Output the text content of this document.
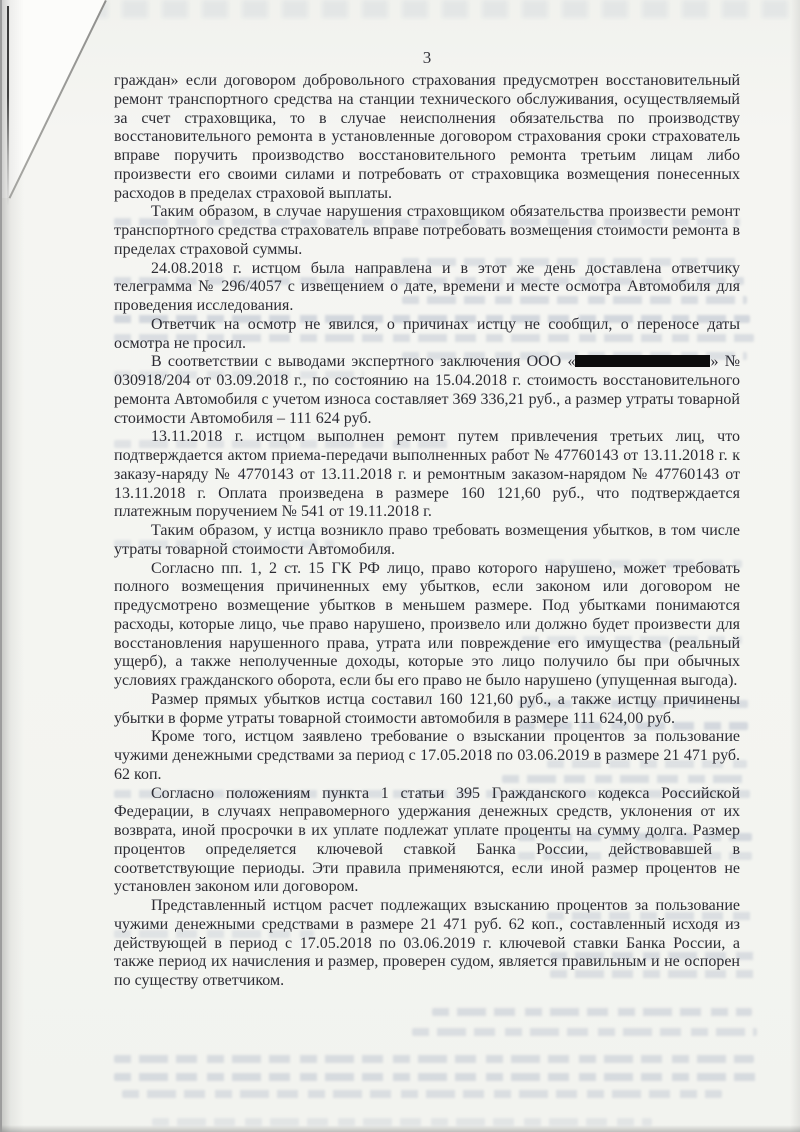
3

граждан» если договором добровольного страхования предусмотрен восстановительный ремонт транспортного средства на станции технического обслуживания, осуществляемый за счет страховщика, то в случае неисполнения обязательства по производству восстановительного ремонта в установленные договором страхования сроки страхователь вправе поручить производство восстановительного ремонта третьим лицам либо произвести его своими силами и потребовать от страховщика возмещения понесенных расходов в пределах страховой выплаты.

Таким образом, в случае нарушения страховщиком обязательства произвести ремонт транспортного средства страхователь вправе потребовать возмещения стоимости ремонта в пределах страховой суммы.

24.08.2018 г. истцом была направлена и в этот же день доставлена ответчику телеграмма № 296/4057 с извещением о дате, времени и месте осмотра Автомобиля для проведения исследования.

Ответчик на осмотр не явился, о причинах истцу не сообщил, о переносе даты осмотра не просил.

В соответствии с выводами экспертного заключения ООО «	» № 030918/204 от 03.09.2018 г., по состоянию на 15.04.2018 г. стоимость восстановительного ремонта Автомобиля с учетом износа составляет 369 336,21 руб., а размер утраты товарной стоимости Автомобиля – 111 624 руб.

13.11.2018 г. истцом выполнен ремонт путем привлечения третьих лиц, что подтверждается актом приема-передачи выполненных работ № 47760143 от 13.11.2018 г. к заказу-наряду № 4770143 от 13.11.2018 г. и ремонтным заказом-нарядом № 47760143 от 13.11.2018 г. Оплата произведена в размере 160 121,60 руб., что подтверждается платежным поручением № 541 от 19.11.2018 г.

Таким образом, у истца возникло право требовать возмещения убытков, в том числе утраты товарной стоимости Автомобиля.

Согласно пп. 1, 2 ст. 15 ГК РФ лицо, право которого нарушено, может требовать полного возмещения причиненных ему убытков, если законом или договором не предусмотрено возмещение убытков в меньшем размере. Под убытками понимаются расходы, которые лицо, чье право нарушено, произвело или должно будет произвести для восстановления нарушенного права, утрата или повреждение его имущества (реальный ущерб), а также неполученные доходы, которые это лицо получило бы при обычных условиях гражданского оборота, если бы его право не было нарушено (упущенная выгода).

Размер прямых убытков истца составил 160 121,60 руб., а также истцу причинены убытки в форме утраты товарной стоимости автомобиля в размере 111 624,00 руб.

Кроме того, истцом заявлено требование о взыскании процентов за пользование чужими денежными средствами за период с 17.05.2018 по 03.06.2019 в размере 21 471 руб. 62 коп.

Согласно положениям пункта 1 статьи 395 Гражданского кодекса Российской Федерации, в случаях неправомерного удержания денежных средств, уклонения от их возврата, иной просрочки в их уплате подлежат уплате проценты на сумму долга. Размер процентов определяется ключевой ставкой Банка России, действовавшей в соответствующие периоды. Эти правила применяются, если иной размер процентов не установлен законом или договором.

Представленный истцом расчет подлежащих взысканию процентов за пользование чужими денежными средствами в размере 21 471 руб. 62 коп., составленный исходя из действующей в период с 17.05.2018 по 03.06.2019 г. ключевой ставки Банка России, а также период их начисления и размер, проверен судом, является правильным и не оспорен по существу ответчиком.
